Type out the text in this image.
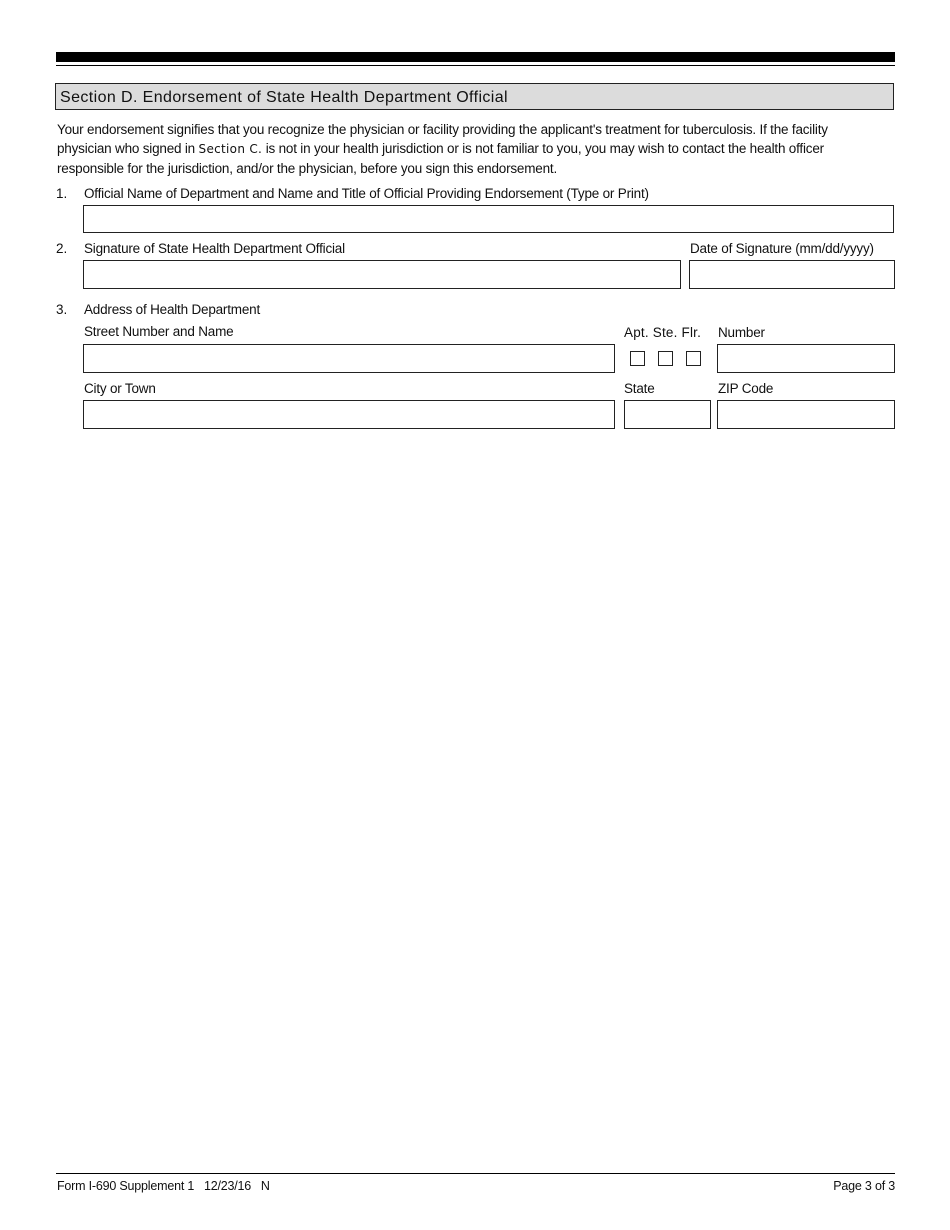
Section D. Endorsement of State Health Department Official
Your endorsement signifies that you recognize the physician or facility providing the applicant's treatment for tuberculosis. If the facility physician who signed in Section C. is not in your health jurisdiction or is not familiar to you, you may wish to contact the health officer responsible for the jurisdiction, and/or the physician, before you sign this endorsement.
1. Official Name of Department and Name and Title of Official Providing Endorsement (Type or Print)
2. Signature of State Health Department Official	Date of Signature (mm/dd/yyyy)
3. Address of Health Department
Street Number and Name	Apt. Ste. Flr. Number
City or Town	State	ZIP Code
Form I-690 Supplement 1   12/23/16   N	Page 3 of 3
